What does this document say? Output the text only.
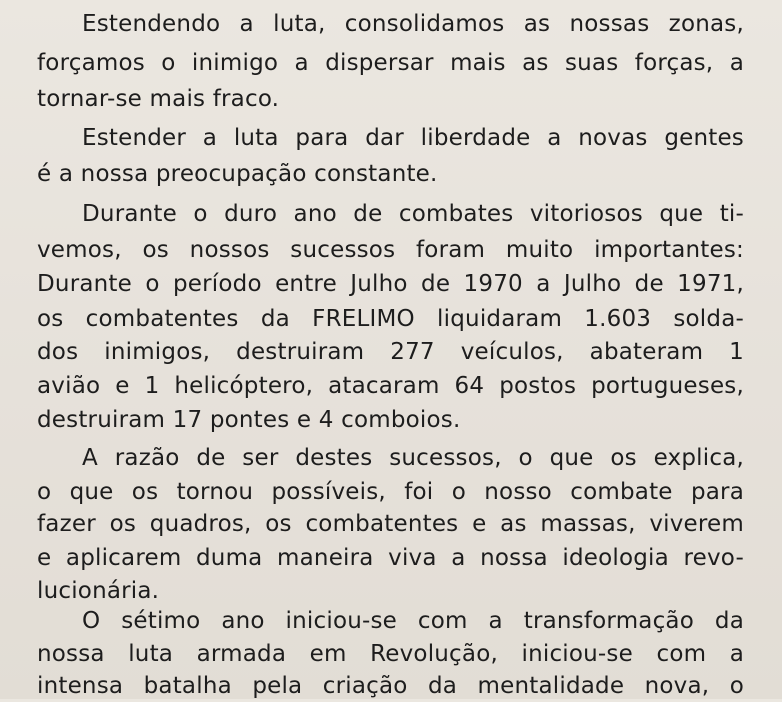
Estendendo a luta, consolidamos as nossas zonas,
forçamos o inimigo a dispersar mais as suas forças, a
tornar-se mais fraco.
Estender a luta para dar liberdade a novas gentes
é a nossa preocupação constante.
Durante o duro ano de combates vitoriosos que ti-
vemos, os nossos sucessos foram muito importantes:
Durante o período entre Julho de 1970 a Julho de 1971,
os combatentes da FRELIMO liquidaram 1.603 solda-
dos inimigos, destruiram 277 veículos, abateram 1
avião e 1 helicóptero, atacaram 64 postos portugueses,
destruiram 17 pontes e 4 comboios.
A razão de ser destes sucessos, o que os explica,
o que os tornou possíveis, foi o nosso combate para
fazer os quadros, os combatentes e as massas, viverem
e aplicarem duma maneira viva a nossa ideologia revo-
lucionária.
O sétimo ano iniciou-se com a transformação da
nossa luta armada em Revolução, iniciou-se com a
intensa batalha pela criação da mentalidade nova, o
